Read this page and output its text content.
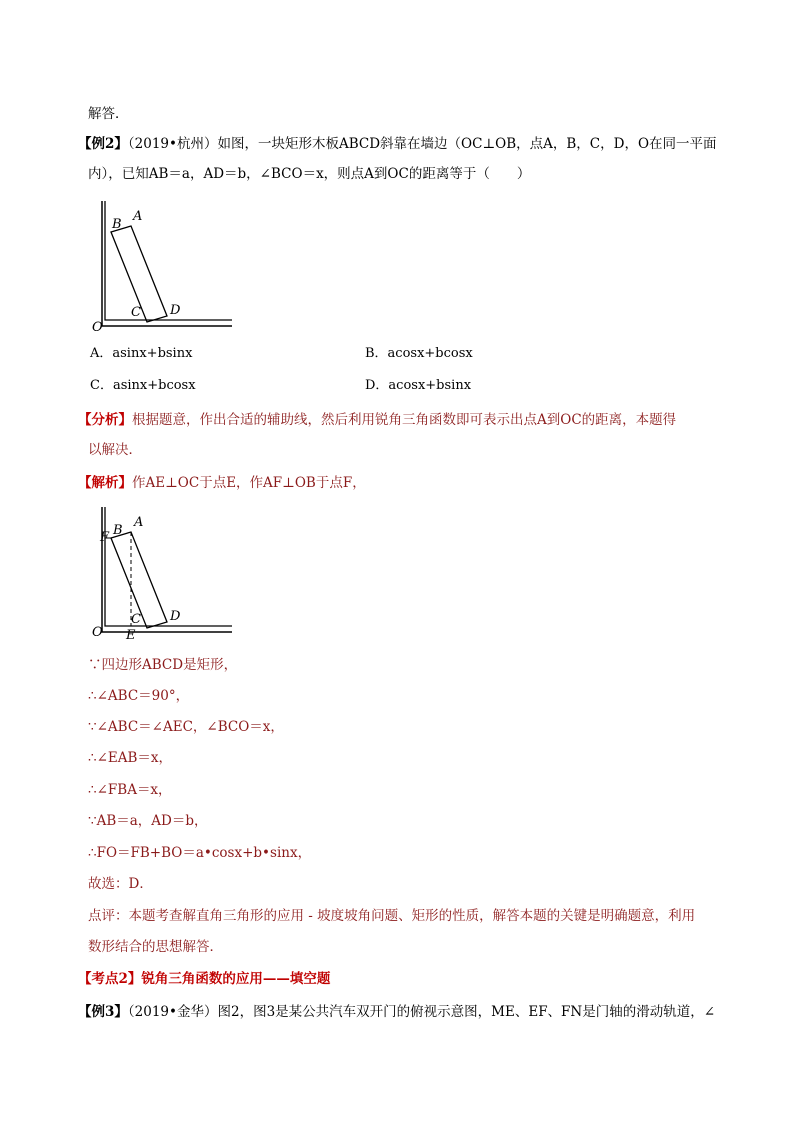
解答．
【例2】（2019•杭州）如图，一块矩形木板ABCD斜靠在墙边（OC⊥OB，点A，B，C，D，O在同一平面
内），已知AB＝a，AD＝b，∠BCO＝x，则点A到OC的距离等于（　　）
B
A
C D
O
A．asinx+bsinx	B．acosx+bcosx
C．asinx+bcosx	D．acosx+bsinx
【分析】根据题意，作出合适的辅助线，然后利用锐角三角函数即可表示出点A到OC的距离，本题得
以解决．
【解析】作AE⊥OC于点E，作AF⊥OB于点F，
B
A
F
C D
O E
∵四边形ABCD是矩形，
∴∠ABC＝90°，
∵∠ABC＝∠AEC，∠BCO＝x，
∴∠EAB＝x，
∴∠FBA＝x，
∵AB＝a，AD＝b，
∴FO＝FB+BO＝a•cosx+b•sinx，
故选：D．
点评：本题考查解直角三角形的应用 - 坡度坡角问题、矩形的性质，解答本题的关键是明确题意，利用
数形结合的思想解答．
【考点2】锐角三角函数的应用——填空题
【例3】（2019•金华）图2，图3是某公共汽车双开门的俯视示意图，ME、EF、FN是门轴的滑动轨道，∠
